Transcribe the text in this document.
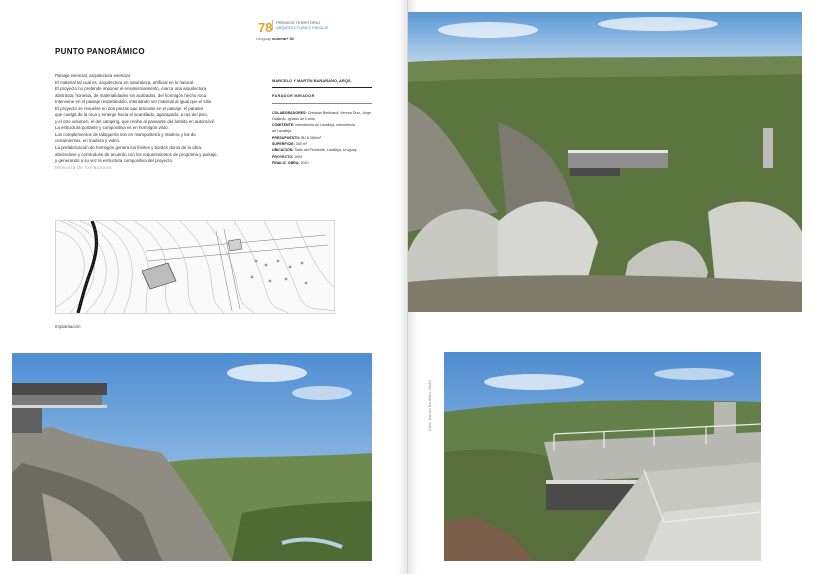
78 PREMIOS TERRITORIO
ARQUITECTURA Y PAISAJE
Uruguay summa+ 92
PUNTO PANORÁMICO

Paisaje esencial, arquitectura esencial.

El material tal cual es, arquitectura en naturaleza, artificial en lo natural.

El proyecto no pretende imponer el ensimismamiento, marca una arquitectura

abstracta, honesta, de materialidades sin acabados, del hormigón hecho roca.

Interviene en el paisaje respetándolo, intentando ser material al igual que el sitio.

El proyecto se resuelve en dos piezas que articulan en el paisaje: el parador

que cuelga de la roca y emerge hacia el acantilado, agazapado, a ras del piso,

y el otro volumen, el del camping, que recibe al paseante del ámbito en automóvil.

La estructura portante y compositiva es en hormigón visto.

Los complementos de tabiquería son en mampostería y madera y los de

cerramientos, en madera y vidrio.

La prefabricación de hormigón genera los límites y bordes duros de la obra,

abriéndose y cerrándose de acuerdo con los requerimientos de programa y paisaje,

y generando a su vez la estructura compositiva del proyecto.

Memoria de los autores

MARCELO Y MARTÍN BARAÑANO, ARQS.
PARADOR MIRADOR
COLABORADORES: Christian Bertinardi, Verena Díaz, Jorge
Gallardo, Ignacio de Cunto
COMITENTE: Intendencia de Lavalleja, Intendencia
de Lavalleja
PRESUPUESTO: $U 8.366/m²
SUPERFICIE: 300 m²
UBICACIÓN: Salto del Penitente, Lavalleja, Uruguay
PROYECTO: 2009
FINALIZ. OBRA: 2010
Implantación
Fotos: Marcelo Barañano, Martín
